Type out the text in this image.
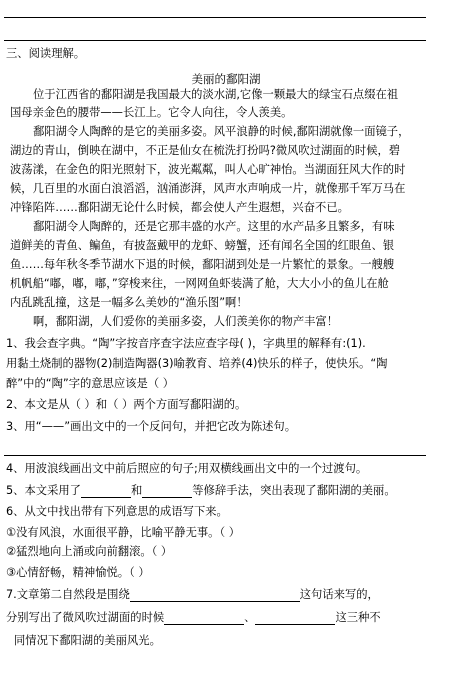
三、阅读理解。
美丽的鄱阳湖
位于江西省的鄱阳湖是我国最大的淡水湖,它像一颗最大的绿宝石点缀在祖
国母亲金色的腰带——长江上。它令人向往，令人羡美。
鄱阳湖令人陶醉的是它的美丽多姿。风平浪静的时候,鄱阳湖就像一面镜子，
湖边的青山，倒映在湖中，不正是仙女在梳洗打扮吗?微风吹过湖面的时候，碧
波荡漾，在金色的阳光照射下，波光粼粼，叫人心旷神怡。当湖面狂风大作的时
候，几百里的水面白浪滔滔，汹涌澎湃，风声水声响成一片，就像那千军万马在
冲锋陷阵……鄱阳湖无论什么时候，都会使人产生遐想，兴奋不已。
鄱阳湖令人陶醉的，还是它那丰盛的水产。这里的水产品多且繁多，有味
道鲜美的青鱼、鳊鱼，有披盔戴甲的龙虾、螃蟹，还有闻名全国的红眼鱼、银
鱼……每年秋冬季节湖水下退的时候，鄱阳湖到处是一片繁忙的景象。一艘艘
机帆船“嘟，嘟，嘟，”穿梭来往，一网网鱼虾装满了舱，大大小小的鱼儿在舱
内乱跳乱撞，这是一幅多么美妙的“渔乐图”啊！
啊，鄱阳湖，人们爱你的美丽多姿，人们羡美你的物产丰富！
1、我会查字典。“陶”字按音序查字法应查字母( )，字典里的解释有:(1).
用黏土烧制的器物(2)制造陶器(3)喻教育、培养(4)快乐的样子，使快乐。“陶
醉”中的“陶”字的意思应该是（ ）
2、本文是从（ ）和（ ）两个方面写鄱阳湖的。
3、用“——”画出文中的一个反问句，并把它改为陈述句。
4、用波浪线画出文中前后照应的句子;用双横线画出文中的一个过渡句。
5、本文采用了	和	等修辞手法，突出表现了鄱阳湖的美丽。
6、从文中找出带有下列意思的成语写下来。
①没有风浪，水面很平静，比喻平静无事。（ ）
②猛烈地向上涌或向前翻滚。（ ）
③心情舒畅，精神愉悦。（ ）
7.文章第二自然段是围绕	这句话来写的，
分别写出了微风吹过湖面的时候	、	这三种不
同情况下鄱阳湖的美丽风光。
